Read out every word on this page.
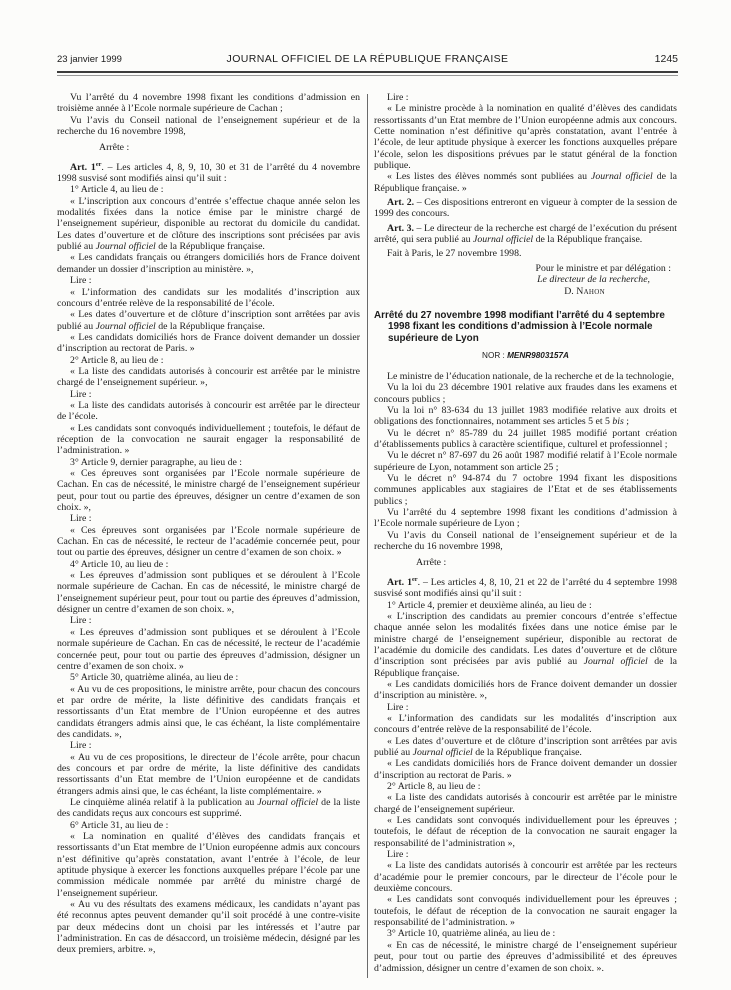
23 janvier 1999	JOURNAL OFFICIEL DE LA RÉPUBLIQUE FRANÇAISE	1245

Vu l’arrêté du 4 novembre 1998 fixant les conditions d’admission en troisième année à l’Ecole normale supérieure de Cachan ;

Vu l’avis du Conseil national de l’enseignement supérieur et de la recherche du 16 novembre 1998,

Arrête :

Art. 1er. – Les articles 4, 8, 9, 10, 30 et 31 de l’arrêté du 4 novembre 1998 susvisé sont modifiés ainsi qu’il suit :

1° Article 4, au lieu de :

« L’inscription aux concours d’entrée s’effectue chaque année selon les modalités fixées dans la notice émise par le ministre chargé de l’enseignement supérieur, disponible au rectorat du domicile du candidat. Les dates d’ouverture et de clôture des inscriptions sont précisées par avis publié au Journal officiel de la République française.

« Les candidats français ou étrangers domiciliés hors de France doivent demander un dossier d’inscription au ministère. »,

Lire :

« L’information des candidats sur les modalités d’inscription aux concours d’entrée relève de la responsabilité de l’école.

« Les dates d’ouverture et de clôture d’inscription sont arrêtées par avis publié au Journal officiel de la République française.

« Les candidats domiciliés hors de France doivent demander un dossier d’inscription au rectorat de Paris. »

2° Article 8, au lieu de :

« La liste des candidats autorisés à concourir est arrêtée par le ministre chargé de l’enseignement supérieur. »,

Lire :

« La liste des candidats autorisés à concourir est arrêtée par le directeur de l’école.

« Les candidats sont convoqués individuellement ; toutefois, le défaut de réception de la convocation ne saurait engager la responsabilité de l’administration. »

3° Article 9, dernier paragraphe, au lieu de :

« Ces épreuves sont organisées par l’Ecole normale supérieure de Cachan. En cas de nécessité, le ministre chargé de l’enseignement supérieur peut, pour tout ou partie des épreuves, désigner un centre d’examen de son choix. »,

Lire :

« Ces épreuves sont organisées par l’Ecole normale supérieure de Cachan. En cas de nécessité, le recteur de l’académie concernée peut, pour tout ou partie des épreuves, désigner un centre d’examen de son choix. »

4° Article 10, au lieu de :

« Les épreuves d’admission sont publiques et se déroulent à l’Ecole normale supérieure de Cachan. En cas de nécessité, le ministre chargé de l’enseignement supérieur peut, pour tout ou partie des épreuves d’admission, désigner un centre d’examen de son choix. »,

Lire :

« Les épreuves d’admission sont publiques et se déroulent à l’Ecole normale supérieure de Cachan. En cas de nécessité, le recteur de l’académie concernée peut, pour tout ou partie des épreuves d’admission, désigner un centre d’examen de son choix. »

5° Article 30, quatrième alinéa, au lieu de :

« Au vu de ces propositions, le ministre arrête, pour chacun des concours et par ordre de mérite, la liste définitive des candidats français et ressortissants d’un Etat membre de l’Union européenne et des autres candidats étrangers admis ainsi que, le cas échéant, la liste complémentaire des candidats. »,

Lire :

« Au vu de ces propositions, le directeur de l’école arrête, pour chacun des concours et par ordre de mérite, la liste définitive des candidats ressortissants d’un Etat membre de l’Union européenne et de candidats étrangers admis ainsi que, le cas échéant, la liste complémentaire. »

Le cinquième alinéa relatif à la publication au Journal officiel de la liste des candidats reçus aux concours est supprimé.

6° Article 31, au lieu de :

« La nomination en qualité d’élèves des candidats français et ressortissants d’un Etat membre de l’Union européenne admis aux concours n’est définitive qu’après constatation, avant l’entrée à l’école, de leur aptitude physique à exercer les fonctions auxquelles prépare l’école par une commission médicale nommée par arrêté du ministre chargé de l’enseignement supérieur.

« Au vu des résultats des examens médicaux, les candidats n’ayant pas été reconnus aptes peuvent demander qu’il soit procédé à une contre-visite par deux médecins dont un choisi par les intéressés et l’autre par l’administration. En cas de désaccord, un troisième médecin, désigné par les deux premiers, arbitre. »,

Lire :

« Le ministre procède à la nomination en qualité d’élèves des candidats ressortissants d’un Etat membre de l’Union européenne admis aux concours. Cette nomination n’est définitive qu’après constatation, avant l’entrée à l’école, de leur aptitude physique à exercer les fonctions auxquelles prépare l’école, selon les dispositions prévues par le statut général de la fonction publique.

« Les listes des élèves nommés sont publiées au Journal officiel de la République française. »

Art. 2. – Ces dispositions entreront en vigueur à compter de la session de 1999 des concours.

Art. 3. – Le directeur de la recherche est chargé de l’exécution du présent arrêté, qui sera publié au Journal officiel de la République française.

Fait à Paris, le 27 novembre 1998.

Pour le ministre et par délégation :

Le directeur de la recherche,

D. Nahon

Arrêté du 27 novembre 1998 modifiant l’arrêté du 4 septembre 1998 fixant les conditions d’admission à l’Ecole normale supérieure de Lyon

NOR : MENR9803157A

Le ministre de l’éducation nationale, de la recherche et de la technologie,

Vu la loi du 23 décembre 1901 relative aux fraudes dans les examens et concours publics ;

Vu la loi n° 83-634 du 13 juillet 1983 modifiée relative aux droits et obligations des fonctionnaires, notamment ses articles 5 et 5 bis ;

Vu le décret n° 85-789 du 24 juillet 1985 modifié portant création d’établissements publics à caractère scientifique, culturel et professionnel ;

Vu le décret n° 87-697 du 26 août 1987 modifié relatif à l’Ecole normale supérieure de Lyon, notamment son article 25 ;

Vu le décret n° 94-874 du 7 octobre 1994 fixant les dispositions communes applicables aux stagiaires de l’Etat et de ses établissements publics ;

Vu l’arrêté du 4 septembre 1998 fixant les conditions d’admission à l’Ecole normale supérieure de Lyon ;

Vu l’avis du Conseil national de l’enseignement supérieur et de la recherche du 16 novembre 1998,

Arrête :

Art. 1er. – Les articles 4, 8, 10, 21 et 22 de l’arrêté du 4 septembre 1998 susvisé sont modifiés ainsi qu’il suit :

1° Article 4, premier et deuxième alinéa, au lieu de :

« L’inscription des candidats au premier concours d’entrée s’effectue chaque année selon les modalités fixées dans une notice émise par le ministre chargé de l’enseignement supérieur, disponible au rectorat de l’académie du domicile des candidats. Les dates d’ouverture et de clôture d’inscription sont précisées par avis publié au Journal officiel de la République française.

« Les candidats domiciliés hors de France doivent demander un dossier d’inscription au ministère. »,

Lire :

« L’information des candidats sur les modalités d’inscription aux concours d’entrée relève de la responsabilité de l’école.

« Les dates d’ouverture et de clôture d’inscription sont arrêtées par avis publié au Journal officiel de la République française.

« Les candidats domiciliés hors de France doivent demander un dossier d’inscription au rectorat de Paris. »

2° Article 8, au lieu de :

« La liste des candidats autorisés à concourir est arrêtée par le ministre chargé de l’enseignement supérieur.

« Les candidats sont convoqués individuellement pour les épreuves ; toutefois, le défaut de réception de la convocation ne saurait engager la responsabilité de l’administration »,

Lire :

« La liste des candidats autorisés à concourir est arrêtée par les recteurs d’académie pour le premier concours, par le directeur de l’école pour le deuxième concours.

« Les candidats sont convoqués individuellement pour les épreuves ; toutefois, le défaut de réception de la convocation ne saurait engager la responsabilité de l’administration. »

3° Article 10, quatrième alinéa, au lieu de :

« En cas de nécessité, le ministre chargé de l’enseignement supérieur peut, pour tout ou partie des épreuves d’admissibilité et des épreuves d’admission, désigner un centre d’examen de son choix. ».
